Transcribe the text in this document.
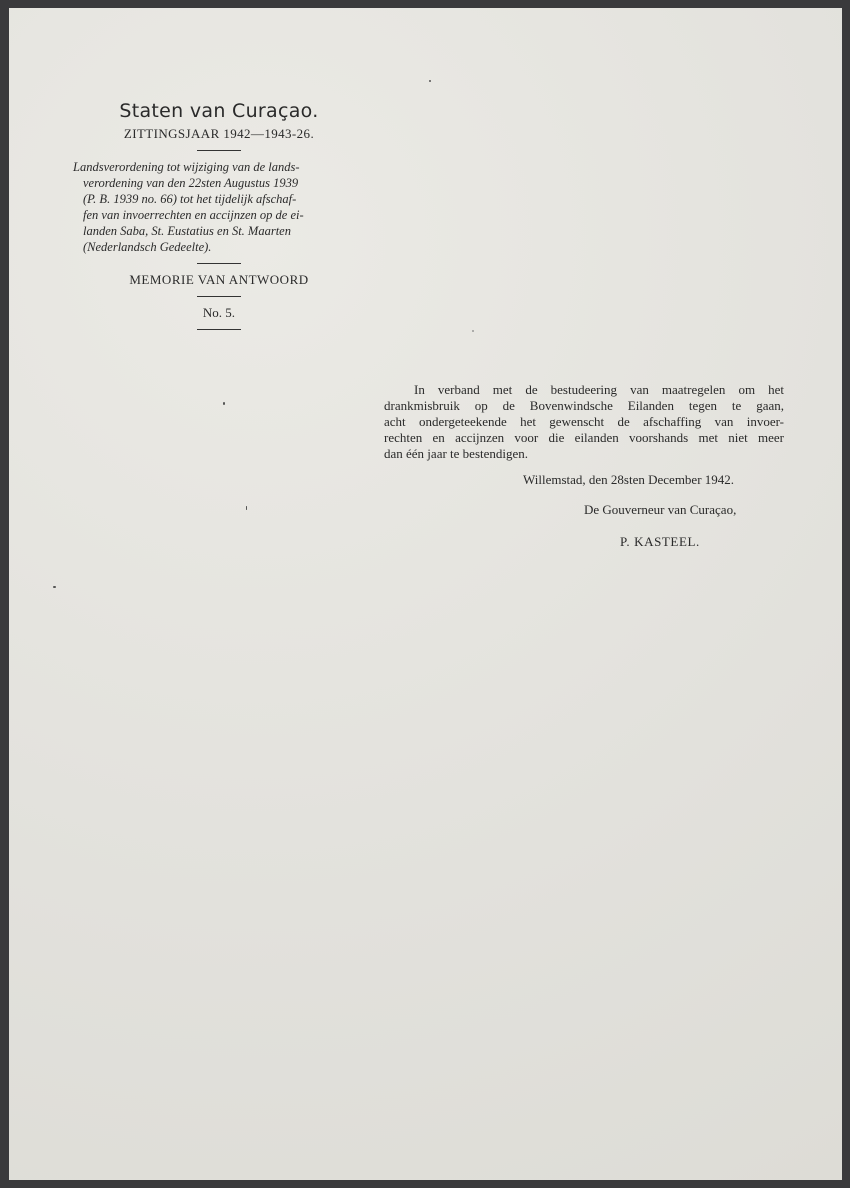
Staten van Curaçao.
ZITTINGSJAAR 1942—1943-26.
Landsverordening tot wijziging van de lands-
verordening van den 22sten Augustus 1939
(P. B. 1939 no. 66) tot het tijdelijk afschaf-
fen van invoerrechten en accijnzen op de ei-
landen Saba, St. Eustatius en St. Maarten
(Nederlandsch Gedeelte).
MEMORIE VAN ANTWOORD
No. 5.
In verband met de bestudeering van maatregelen om het
drankmisbruik op de Bovenwindsche Eilanden tegen te gaan,
acht ondergeteekende het gewenscht de afschaffing van invoer-
rechten en accijnzen voor die eilanden voorshands met niet meer
dan één jaar te bestendigen.
Willemstad, den 28sten December 1942.
De Gouverneur van Curaçao,
P. KASTEEL.
